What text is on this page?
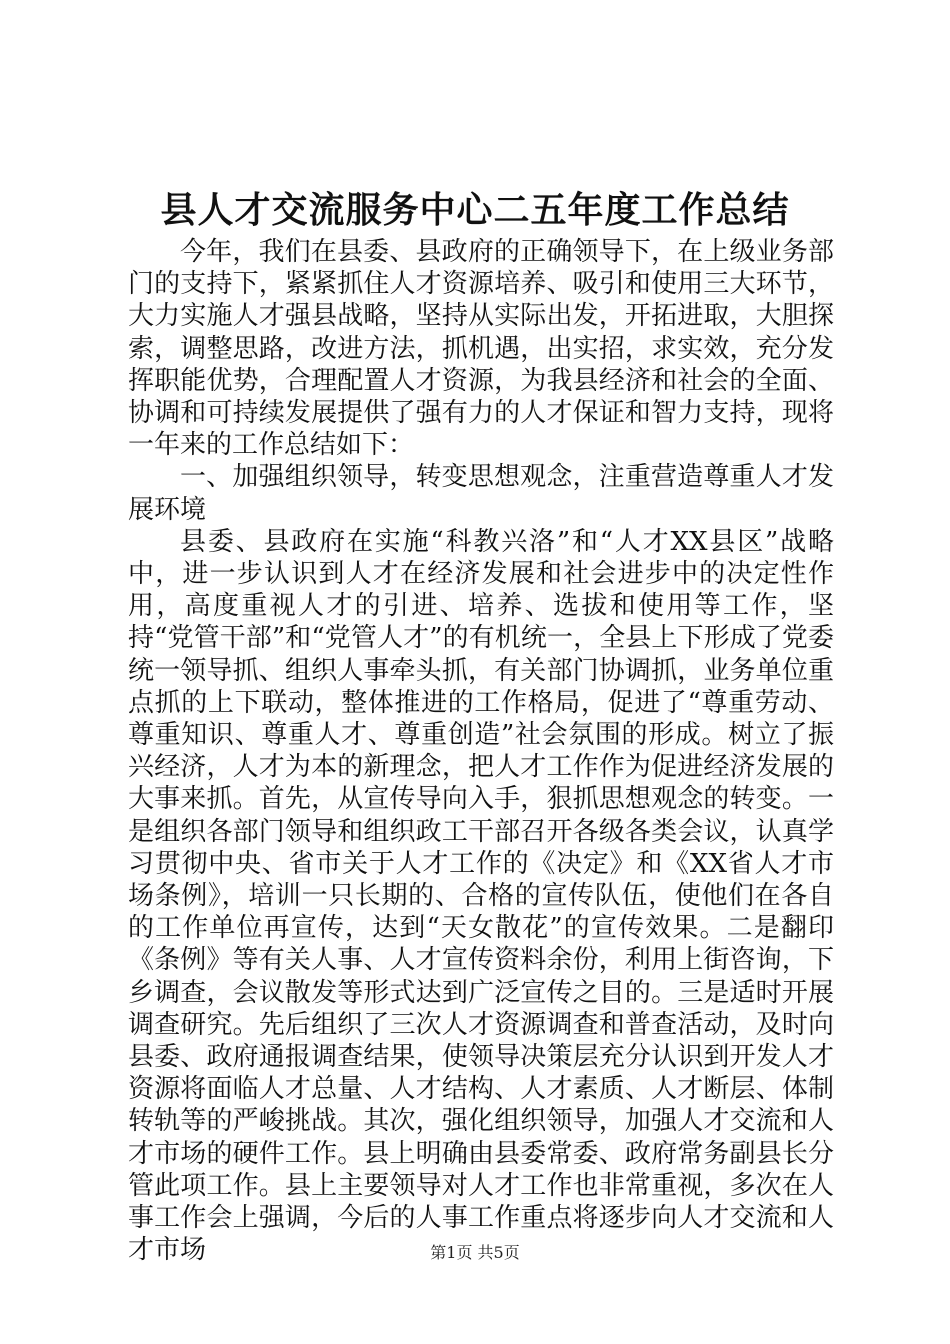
县人才交流服务中心二五年度工作总结

今年，我们在县委、县政府的正确领导下，在上级业务部门的支持下，紧紧抓住人才资源培养、吸引和使用三大环节，大力实施人才强县战略，坚持从实际出发，开拓进取，大胆探索，调整思路，改进方法，抓机遇，出实招，求实效，充分发挥职能优势，合理配置人才资源，为我县经济和社会的全面、协调和可持续发展提供了强有力的人才保证和智力支持，现将一年来的工作总结如下：

一、加强组织领导，转变思想观念，注重营造尊重人才发展环境

县委、县政府在实施“科教兴洛”和“人才XX县区”战略中，进一步认识到人才在经济发展和社会进步中的决定性作用，高度重视人才的引进、培养、选拔和使用等工作，坚持“党管干部”和“党管人才”的有机统一，全县上下形成了党委统一领导抓、组织人事牵头抓，有关部门协调抓，业务单位重点抓的上下联动，整体推进的工作格局，促进了“尊重劳动、尊重知识、尊重人才、尊重创造”社会氛围的形成。树立了振兴经济，人才为本的新理念，把人才工作作为促进经济发展的大事来抓。首先，从宣传导向入手，狠抓思想观念的转变。一是组织各部门领导和组织政工干部召开各级各类会议，认真学习贯彻中央、省市关于人才工作的《决定》和《XX省人才市场条例》，培训一只长期的、合格的宣传队伍，使他们在各自的工作单位再宣传，达到“天女散花”的宣传效果。二是翻印《条例》等有关人事、人才宣传资料余份，利用上街咨询，下乡调查，会议散发等形式达到广泛宣传之目的。三是适时开展调查研究。先后组织了三次人才资源调查和普查活动，及时向县委、政府通报调查结果，使领导决策层充分认识到开发人才资源将面临人才总量、人才结构、人才素质、人才断层、体制转轨等的严峻挑战。其次，强化组织领导，加强人才交流和人才市场的硬件工作。县上明确由县委常委、政府常务副县长分管此项工作。县上主要领导对人才工作也非常重视，多次在人事工作会上强调，今后的人事工作重点将逐步向人才交流和人才市场	第1页 共5页
